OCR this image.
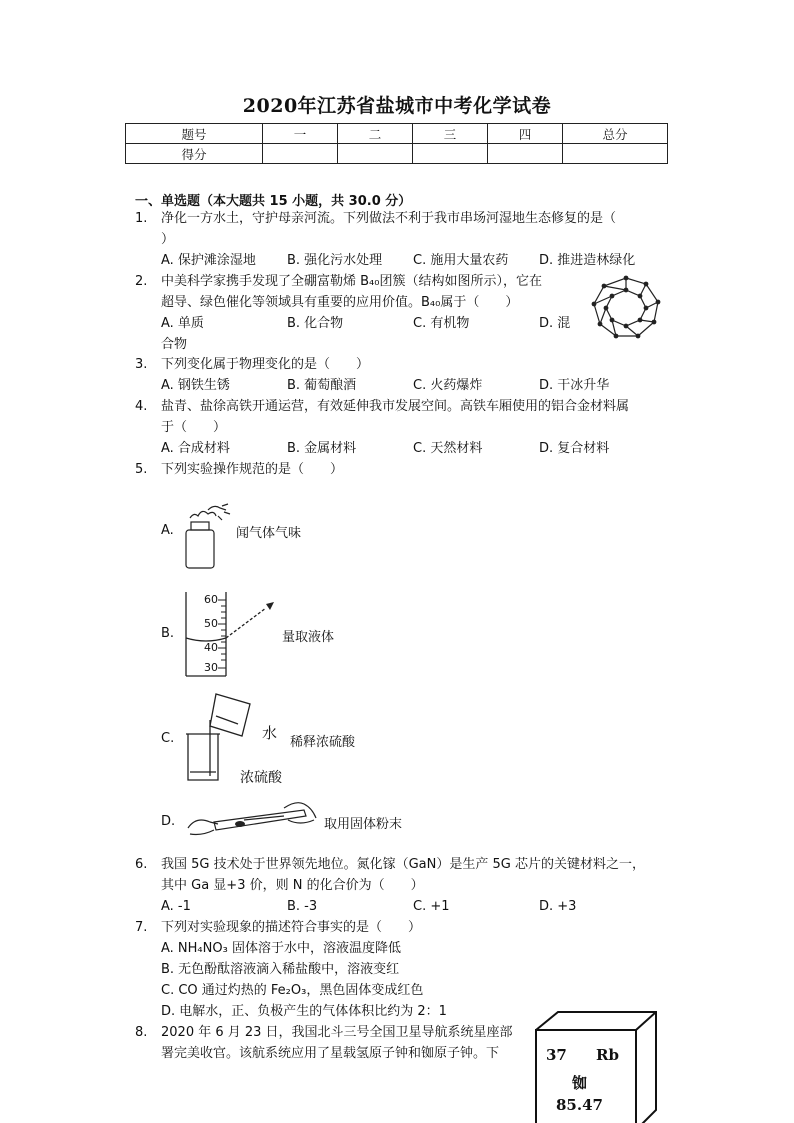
2020年江苏省盐城市中考化学试卷
题号	一	二	三	四	总分
得分					
一、单选题（本大题共 15 小题，共 30.0 分）
1.	净化一方水土，守护母亲河流。下列做法不利于我市串场河湿地生态修复的是（
）
A. 保护滩涂湿地 B. 强化污水处理 C. 施用大量农药 D. 推进造林绿化
2.	中美科学家携手发现了全硼富勒烯 B₄₀团簇（结构如图所示），它在
超导、绿色催化等领域具有重要的应用价值。B₄₀属于（　　）
A. 单质	B. 化合物	C. 有机物	D. 混
合物
3.	下列变化属于物理变化的是（　　）
A. 钢铁生锈	B. 葡萄酿酒	C. 火药爆炸	D. 干冰升华
4.	盐青、盐徐高铁开通运营，有效延伸我市发展空间。高铁车厢使用的铝合金材料属
于（　　）
A. 合成材料	B. 金属材料	C. 天然材料	D. 复合材料
5.	下列实验操作规范的是（　　）
A.	闻气体气味
B.
60
50
40
30
量取液体
C.	水
稀释浓硫酸
浓硫酸
D.	取用固体粉末
6.	我国 5G 技术处于世界领先地位。氮化镓（GaN）是生产 5G 芯片的关键材料之一，
其中 Ga 显+3 价，则 N 的化合价为（　　）
A. -1	B. -3	C. +1	D. +3
7.	下列对实验现象的描述符合事实的是（　　）
A. NH₄NO₃ 固体溶于水中，溶液温度降低
B. 无色酚酞溶液滴入稀盐酸中，溶液变红
C. CO 通过灼热的 Fe₂O₃，黑色固体变成红色
D. 电解水，正、负极产生的气体体积比约为 2：1
8.	2020 年 6 月 23 日，我国北斗三号全国卫星导航系统星座部
署完美收官。该航系统应用了星载氢原子钟和铷原子钟。下	37 Rb
铷
85.47
